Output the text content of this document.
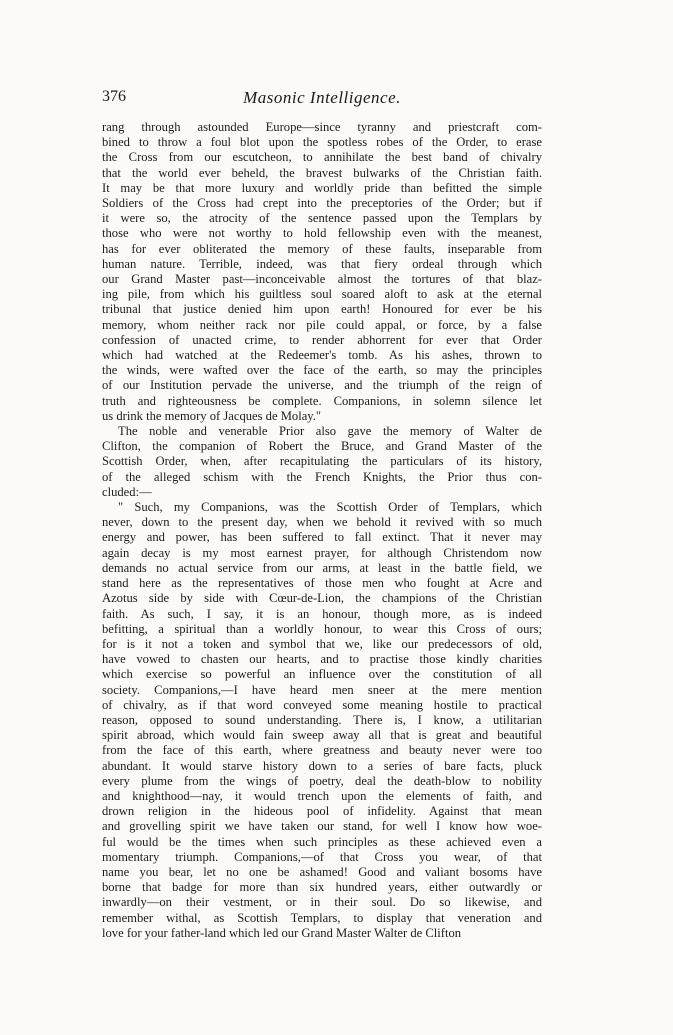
376	Masonic Intelligence.
rang through astounded Europe—since tyranny and priestcraft com-
bined to throw a foul blot upon the spotless robes of the Order, to erase
the Cross from our escutcheon, to annihilate the best band of chivalry
that the world ever beheld, the bravest bulwarks of the Christian faith.
It may be that more luxury and worldly pride than befitted the simple
Soldiers of the Cross had crept into the preceptories of the Order; but if
it were so, the atrocity of the sentence passed upon the Templars by
those who were not worthy to hold fellowship even with the meanest,
has for ever obliterated the memory of these faults, inseparable from
human nature. Terrible, indeed, was that fiery ordeal through which
our Grand Master past—inconceivable almost the tortures of that blaz-
ing pile, from which his guiltless soul soared aloft to ask at the eternal
tribunal that justice denied him upon earth! Honoured for ever be his
memory, whom neither rack nor pile could appal, or force, by a false
confession of unacted crime, to render abhorrent for ever that Order
which had watched at the Redeemer's tomb. As his ashes, thrown to
the winds, were wafted over the face of the earth, so may the principles
of our Institution pervade the universe, and the triumph of the reign of
truth and righteousness be complete. Companions, in solemn silence let
us drink the memory of Jacques de Molay."
The noble and venerable Prior also gave the memory of Walter de
Clifton, the companion of Robert the Bruce, and Grand Master of the
Scottish Order, when, after recapitulating the particulars of its history,
of the alleged schism with the French Knights, the Prior thus con-
cluded:—
" Such, my Companions, was the Scottish Order of Templars, which
never, down to the present day, when we behold it revived with so much
energy and power, has been suffered to fall extinct. That it never may
again decay is my most earnest prayer, for although Christendom now
demands no actual service from our arms, at least in the battle field, we
stand here as the representatives of those men who fought at Acre and
Azotus side by side with Cœur-de-Lion, the champions of the Christian
faith. As such, I say, it is an honour, though more, as is indeed
befitting, a spiritual than a worldly honour, to wear this Cross of ours;
for is it not a token and symbol that we, like our predecessors of old,
have vowed to chasten our hearts, and to practise those kindly charities
which exercise so powerful an influence over the constitution of all
society. Companions,—I have heard men sneer at the mere mention
of chivalry, as if that word conveyed some meaning hostile to practical
reason, opposed to sound understanding. There is, I know, a utilitarian
spirit abroad, which would fain sweep away all that is great and beautiful
from the face of this earth, where greatness and beauty never were too
abundant. It would starve history down to a series of bare facts, pluck
every plume from the wings of poetry, deal the death-blow to nobility
and knighthood—nay, it would trench upon the elements of faith, and
drown religion in the hideous pool of infidelity. Against that mean
and grovelling spirit we have taken our stand, for well I know how woe-
ful would be the times when such principles as these achieved even a
momentary triumph. Companions,—of that Cross you wear, of that
name you bear, let no one be ashamed! Good and valiant bosoms have
borne that badge for more than six hundred years, either outwardly or
inwardly—on their vestment, or in their soul. Do so likewise, and
remember withal, as Scottish Templars, to display that veneration and
love for your father-land which led our Grand Master Walter de Clifton
